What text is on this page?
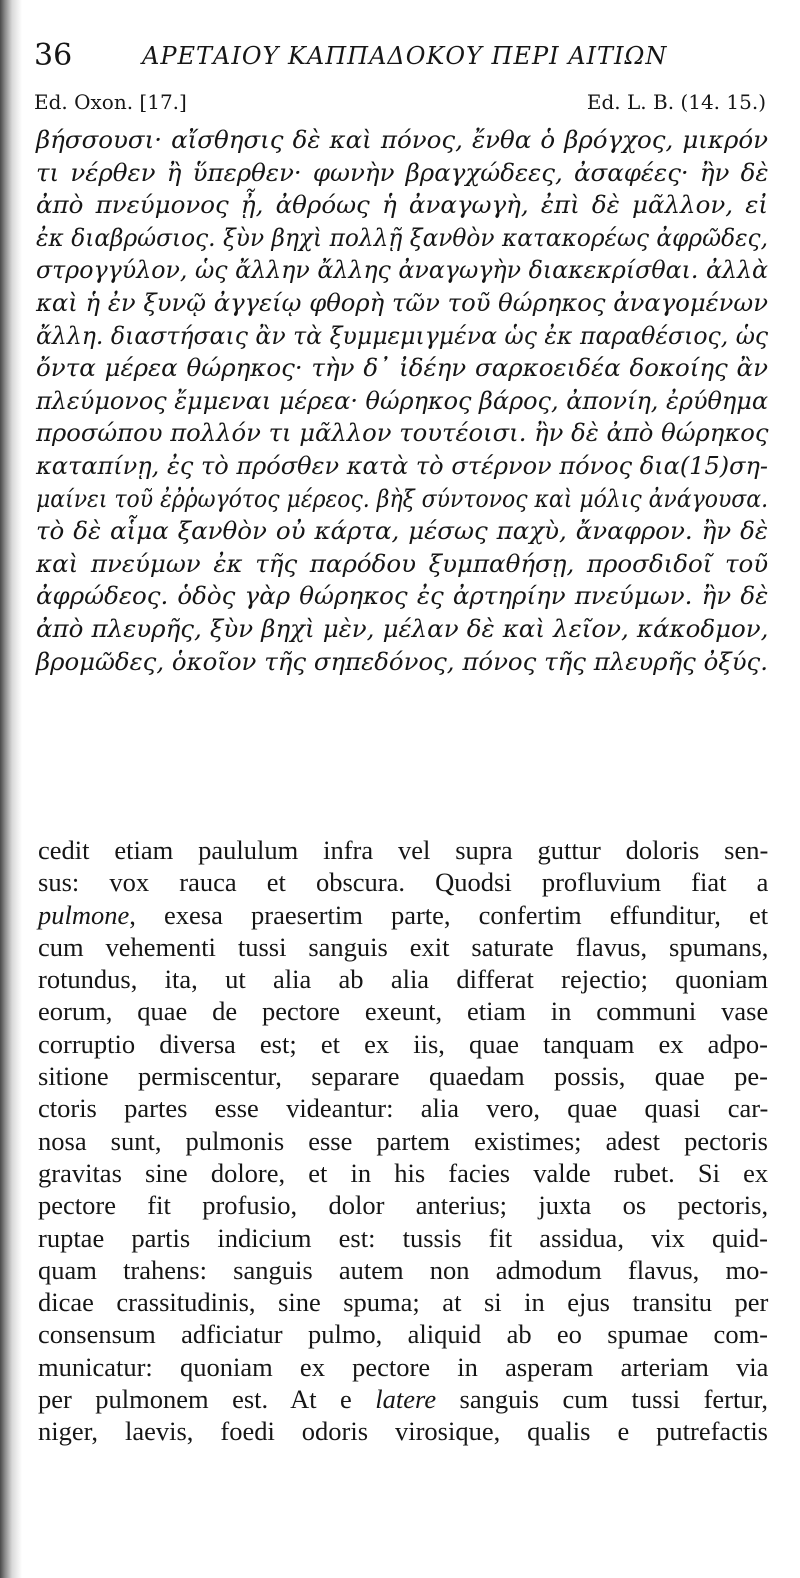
36	ΑΡΕΤΑΙΟΥ ΚΑΠΠΑΔΟΚΟΥ ΠΕΡΙ ΑΙΤΙΩΝ
Ed. Oxon. [17.]	Ed. L. B. (14. 15.)
βήσσουσι· αἴσθησις δὲ καὶ πόνος, ἔνθα ὁ βρόγχος, μικρόν
τι νέρθεν ἢ ὕπερθεν· φωνὴν βραγχώδεες, ἀσαφέες· ἢν δὲ
ἀπὸ πνεύμονος ᾖ, ἀθρόως ἡ ἀναγωγὴ, ἐπὶ δὲ μᾶλλον, εἰ
ἐκ διαβρώσιος. ξὺν βηχὶ πολλῇ ξανθὸν κατακορέως ἀφρῶδες,
στρογγύλον, ὡς ἄλλην ἄλλης ἀναγωγὴν διακεκρίσθαι. ἀλλὰ
καὶ ἡ ἐν ξυνῷ ἀγγείῳ φθορὴ τῶν τοῦ θώρηκος ἀναγομένων
ἄλλη. διαστήσαις ἂν τὰ ξυμμεμιγμένα ὡς ἐκ παραθέσιος, ὡς
ὄντα μέρεα θώρηκος· τὴν δ᾽ ἰδέην σαρκοειδέα δοκοίης ἂν
πλεύμονος ἔμμεναι μέρεα· θώρηκος βάρος, ἀπονίη, ἐρύθημα
προσώπου πολλόν τι μᾶλλον τουτέοισι. ἢν δὲ ἀπὸ θώρηκος
καταπίνῃ, ἐς τὸ πρόσθεν κατὰ τὸ στέρνον πόνος δια(15)ση-
μαίνει τοῦ ἐῤῥωγότος μέρεος. βὴξ σύντονος καὶ μόλις ἀνάγουσα.
τὸ δὲ αἷμα ξανθὸν οὐ κάρτα, μέσως παχὺ, ἄναφρον. ἢν δὲ
καὶ πνεύμων ἐκ τῆς παρόδου ξυμπαθήσῃ, προσδιδοῖ τοῦ
ἀφρώδεος. ὁδὸς γὰρ θώρηκος ἐς ἀρτηρίην πνεύμων. ἢν δὲ
ἀπὸ πλευρῆς, ξὺν βηχὶ μὲν, μέλαν δὲ καὶ λεῖον, κάκοδμον,
βρομῶδες, ὁκοῖον τῆς σηπεδόνος, πόνος τῆς πλευρῆς ὀξύς.
cedit etiam paululum infra vel supra guttur doloris sen-
sus: vox rauca et obscura. Quodsi profluvium fiat a
pulmone, exesa praesertim parte, confertim effunditur, et
cum vehementi tussi sanguis exit saturate flavus, spumans,
rotundus, ita, ut alia ab alia differat rejectio; quoniam
eorum, quae de pectore exeunt, etiam in communi vase
corruptio diversa est; et ex iis, quae tanquam ex adpo-
sitione permiscentur, separare quaedam possis, quae pe-
ctoris partes esse videantur: alia vero, quae quasi car-
nosa sunt, pulmonis esse partem existimes; adest pectoris
gravitas sine dolore, et in his facies valde rubet. Si ex
pectore fit profusio, dolor anterius; juxta os pectoris,
ruptae partis indicium est: tussis fit assidua, vix quid-
quam trahens: sanguis autem non admodum flavus, mo-
dicae crassitudinis, sine spuma; at si in ejus transitu per
consensum adficiatur pulmo, aliquid ab eo spumae com-
municatur: quoniam ex pectore in asperam arteriam via
per pulmonem est. At e latere sanguis cum tussi fertur,
niger, laevis, foedi odoris virosique, qualis e putrefactis
